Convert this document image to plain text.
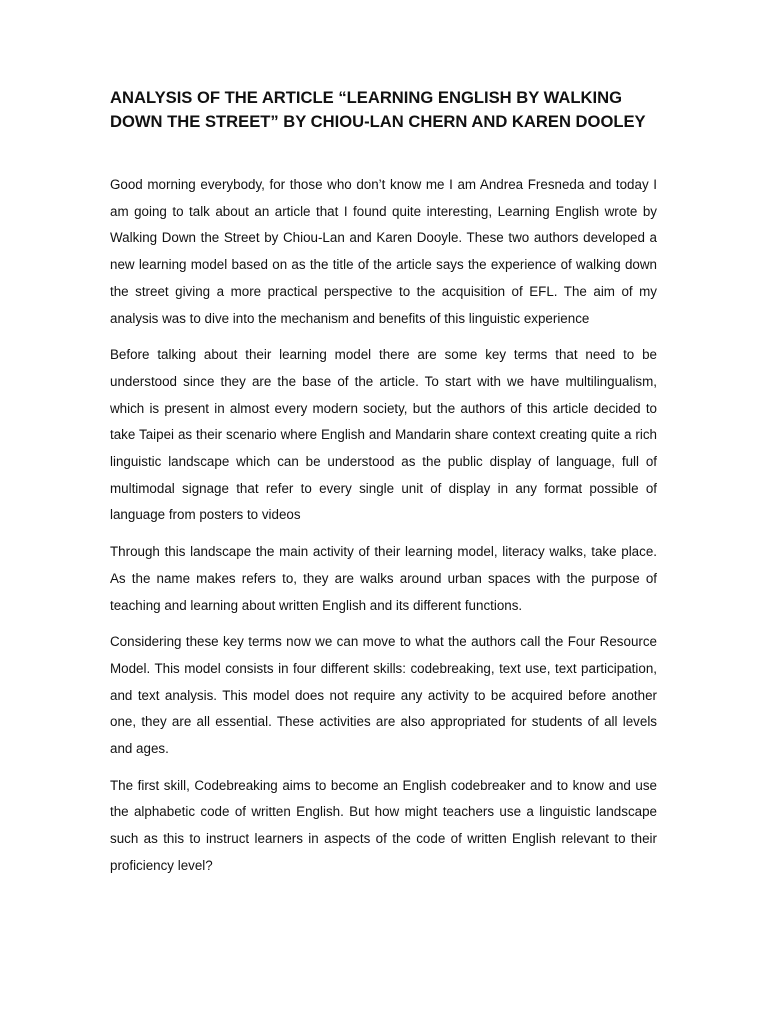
ANALYSIS OF THE ARTICLE “LEARNING ENGLISH BY WALKING DOWN THE STREET” BY CHIOU-LAN CHERN AND KAREN DOOLEY

Good morning everybody, for those who don’t know me I am Andrea Fresneda and today I am going to talk about an article that I found quite interesting, Learning English wrote by Walking Down the Street by Chiou-Lan and Karen Dooyle. These two authors developed a new learning model based on as the title of the article says the experience of walking down the street giving a more practical perspective to the acquisition of EFL. The aim of my analysis was to dive into the mechanism and benefits of this linguistic experience

Before talking about their learning model there are some key terms that need to be understood since they are the base of the article. To start with we have multilingualism, which is present in almost every modern society, but the authors of this article decided to take Taipei as their scenario where English and Mandarin share context creating quite a rich linguistic landscape which can be understood as the public display of language, full of multimodal signage that refer to every single unit of display in any format possible of language from posters to videos

Through this landscape the main activity of their learning model, literacy walks, take place. As the name makes refers to, they are walks around urban spaces with the purpose of teaching and learning about written English and its different functions.

Considering these key terms now we can move to what the authors call the Four Resource Model. This model consists in four different skills: codebreaking, text use, text participation, and text analysis. This model does not require any activity to be acquired before another one, they are all essential. These activities are also appropriated for students of all levels and ages.

The first skill, Codebreaking aims to become an English codebreaker and to know and use the alphabetic code of written English. But how might teachers use a linguistic landscape such as this to instruct learners in aspects of the code of written English relevant to their proficiency level?
